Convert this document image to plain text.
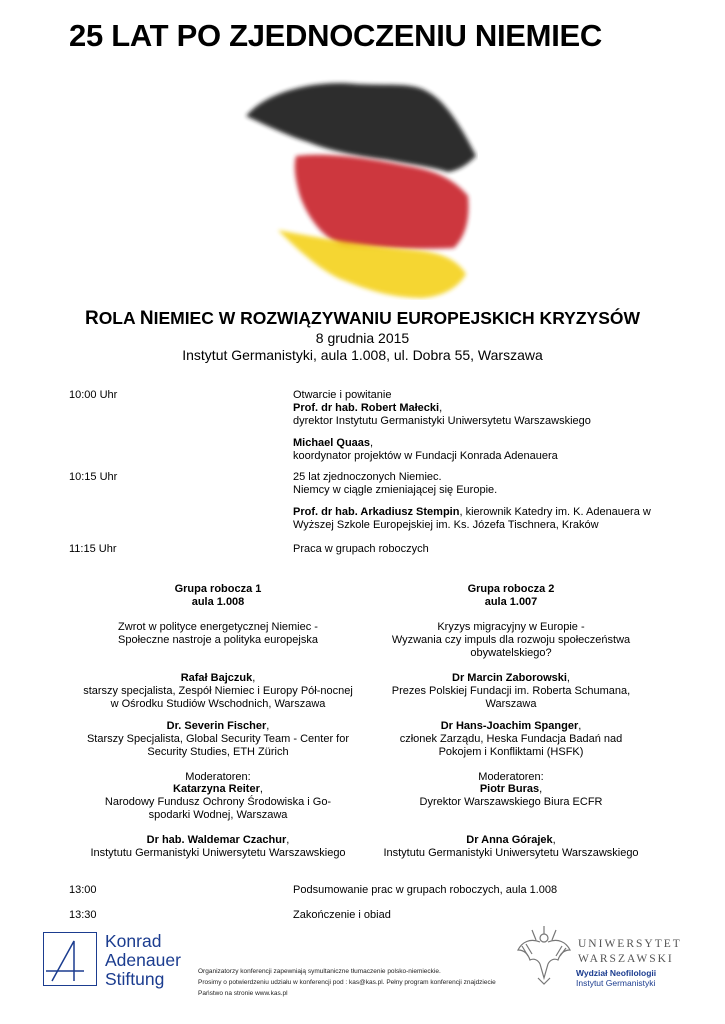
25 LAT PO ZJEDNOCZENIU NIEMIEC
ROLA NIEMIEC W ROZWIĄZYWANIU EUROPEJSKICH KRYZYSÓW
8 grudnia 2015
Instytut Germanistyki, aula 1.008, ul. Dobra 55, Warszawa
10:00 Uhr	Otwarcie i powitanie
Prof. dr hab. Robert Małecki,
dyrektor Instytutu Germanistyki Uniwersytetu Warszawskiego
Michael Quaas,
koordynator projektów w Fundacji Konrada Adenauera
10:15 Uhr	25 lat zjednoczonych Niemiec.
Niemcy w ciągle zmieniającej się Europie.
Prof. dr hab. Arkadiusz Stempin, kierownik Katedry im. K. Adenauera w
Wyższej Szkole Europejskiej im. Ks. Józefa Tischnera, Kraków
11:15 Uhr	Praca w grupach roboczych
Grupa robocza 1
aula 1.008
Zwrot w polityce energetycznej Niemiec -
Społeczne nastroje a polityka europejska
Rafał Bajczuk,
starszy specjalista, Zespół Niemiec i Europy Pół-nocnej
w Ośrodku Studiów Wschodnich, Warszawa
Dr. Severin Fischer,
Starszy Specjalista, Global Security Team - Center for
Security Studies, ETH Zürich
Moderatoren:
Katarzyna Reiter,
Narodowy Fundusz Ochrony Środowiska i Go-
spodarki Wodnej, Warszawa
Dr hab. Waldemar Czachur,
Instytutu Germanistyki Uniwersytetu Warszawskiego
Grupa robocza 2
aula 1.007
Kryzys migracyjny w Europie -
Wyzwania czy impuls dla rozwoju społeczeństwa
obywatelskiego?
Dr Marcin Zaborowski,
Prezes Polskiej Fundacji im. Roberta Schumana,
Warszawa
Dr Hans-Joachim Spanger,
członek Zarządu, Heska Fundacja Badań nad
Pokojem i Konfliktami (HSFK)
Moderatoren:
Piotr Buras,
Dyrektor Warszawskiego Biura ECFR
Dr Anna Górajek,
Instytutu Germanistyki Uniwersytetu Warszawskiego
13:00	Podsumowanie prac w grupach roboczych, aula 1.008
13:30	Zakończenie i obiad
Konrad
Adenauer
Stiftung	Organizatorzy konferencji zapewniają symultaniczne tłumaczenie polsko-niemieckie.
Prosimy o potwierdzeniu udziału w konferencji pod : kas@kas.pl. Pełny program konferencji znajdziecie
Państwo na stronie www.kas.pl
UNIWERSYTET
WARSZAWSKI
Wydział Neofilologii
Instytut Germanistyki
